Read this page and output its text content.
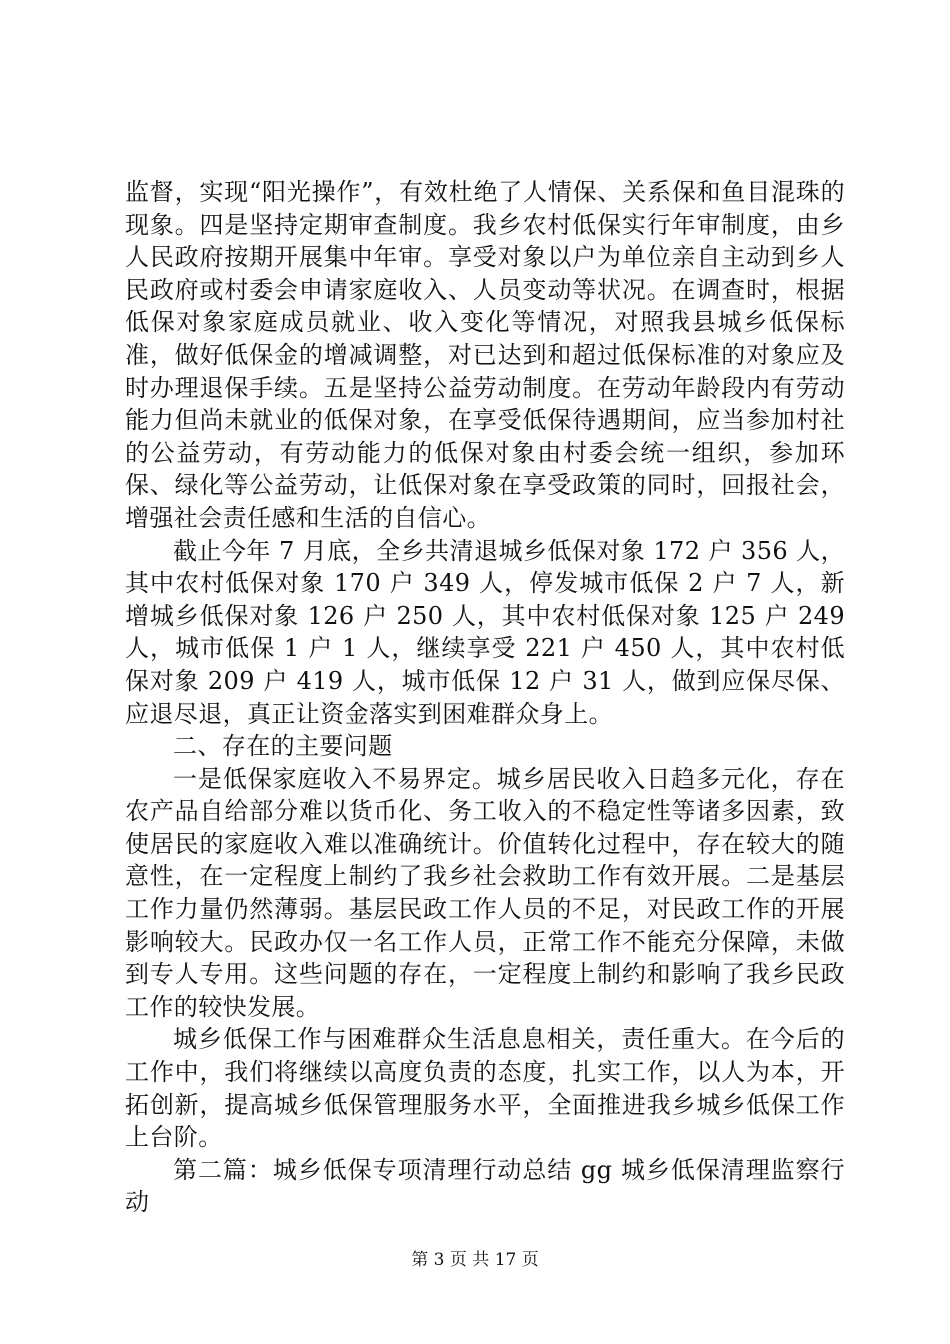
监督，实现“阳光操作”，有效杜绝了人情保、关系保和鱼目混珠的现象。四是坚持定期审查制度。我乡农村低保实行年审制度，由乡人民政府按期开展集中年审。享受对象以户为单位亲自主动到乡人民政府或村委会申请家庭收入、人员变动等状况。在调查时，根据低保对象家庭成员就业、收入变化等情况，对照我县城乡低保标准，做好低保金的增减调整，对已达到和超过低保标准的对象应及时办理退保手续。五是坚持公益劳动制度。在劳动年龄段内有劳动能力但尚未就业的低保对象，在享受低保待遇期间，应当参加村社的公益劳动，有劳动能力的低保对象由村委会统一组织，参加环保、绿化等公益劳动，让低保对象在享受政策的同时，回报社会，增强社会责任感和生活的自信心。

截止今年 7 月底，全乡共清退城乡低保对象 172 户 356 人，其中农村低保对象 170 户 349 人，停发城市低保 2 户 7 人，新增城乡低保对象 126 户 250 人，其中农村低保对象 125 户 249 人，城市低保 1 户 1 人，继续享受 221 户 450 人，其中农村低保对象 209 户 419 人，城市低保 12 户 31 人，做到应保尽保、应退尽退，真正让资金落实到困难群众身上。

二、存在的主要问题

一是低保家庭收入不易界定。城乡居民收入日趋多元化，存在农产品自给部分难以货币化、务工收入的不稳定性等诸多因素，致使居民的家庭收入难以准确统计。价值转化过程中，存在较大的随意性，在一定程度上制约了我乡社会救助工作有效开展。二是基层工作力量仍然薄弱。基层民政工作人员的不足，对民政工作的开展影响较大。民政办仅一名工作人员，正常工作不能充分保障，未做到专人专用。这些问题的存在，一定程度上制约和影响了我乡民政工作的较快发展。

城乡低保工作与困难群众生活息息相关，责任重大。在今后的工作中，我们将继续以高度负责的态度，扎实工作，以人为本，开拓创新，提高城乡低保管理服务水平，全面推进我乡城乡低保工作上台阶。

第二篇：城乡低保专项清理行动总结 gg 城乡低保清理监察行动

第 3 页 共 17 页
